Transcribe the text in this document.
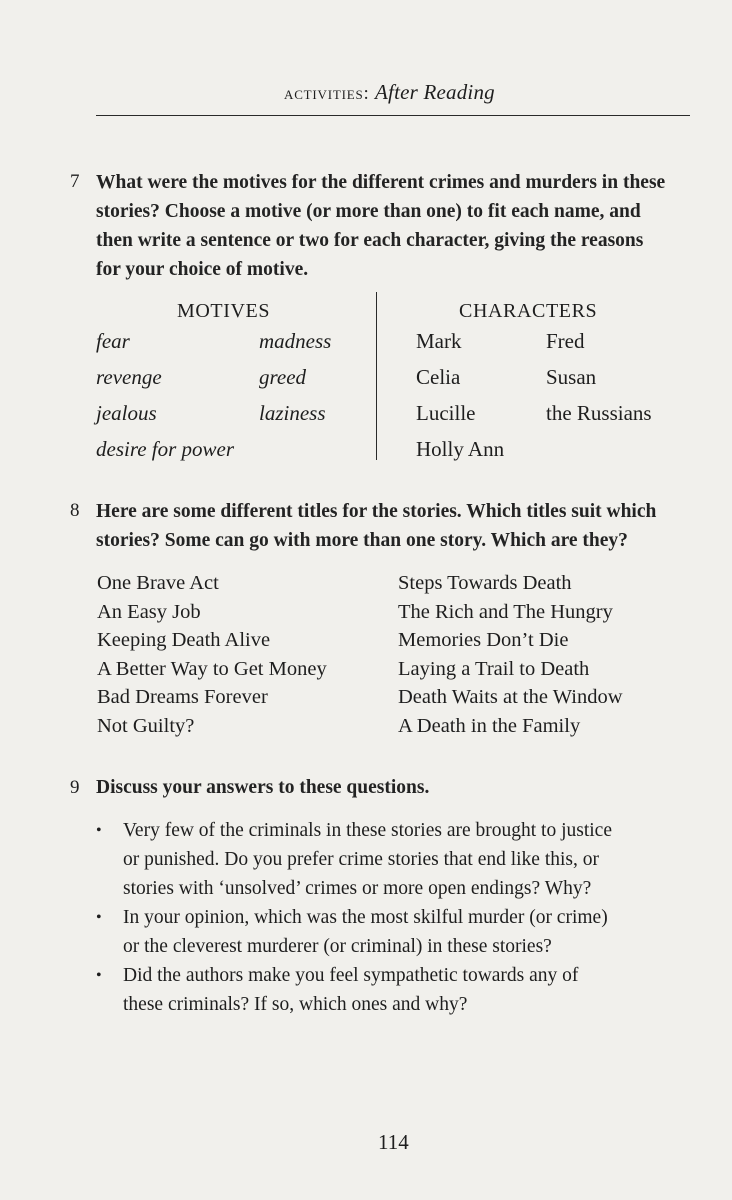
activities: After Reading
7 What were the motives for the different crimes and murders in these
stories? Choose a motive (or more than one) to fit each name, and
then write a sentence or two for each character, giving the reasons
for your choice of motive.
MOTIVES	CHARACTERS
fear
revenge
jealous
desire for power
madness
greed
laziness
Mark
Celia
Lucille
Holly Ann
Fred
Susan
the Russians
8 Here are some different titles for the stories. Which titles suit which
stories? Some can go with more than one story. Which are they?
One Brave Act
An Easy Job
Keeping Death Alive
A Better Way to Get Money
Bad Dreams Forever
Not Guilty?
Steps Towards Death
The Rich and The Hungry
Memories Don’t Die
Laying a Trail to Death
Death Waits at the Window
A Death in the Family
9 Discuss your answers to these questions.
• Very few of the criminals in these stories are brought to justice
or punished. Do you prefer crime stories that end like this, or
stories with ‘unsolved’ crimes or more open endings? Why?
• In your opinion, which was the most skilful murder (or crime)
or the cleverest murderer (or criminal) in these stories?
• Did the authors make you feel sympathetic towards any of
these criminals? If so, which ones and why?
114
